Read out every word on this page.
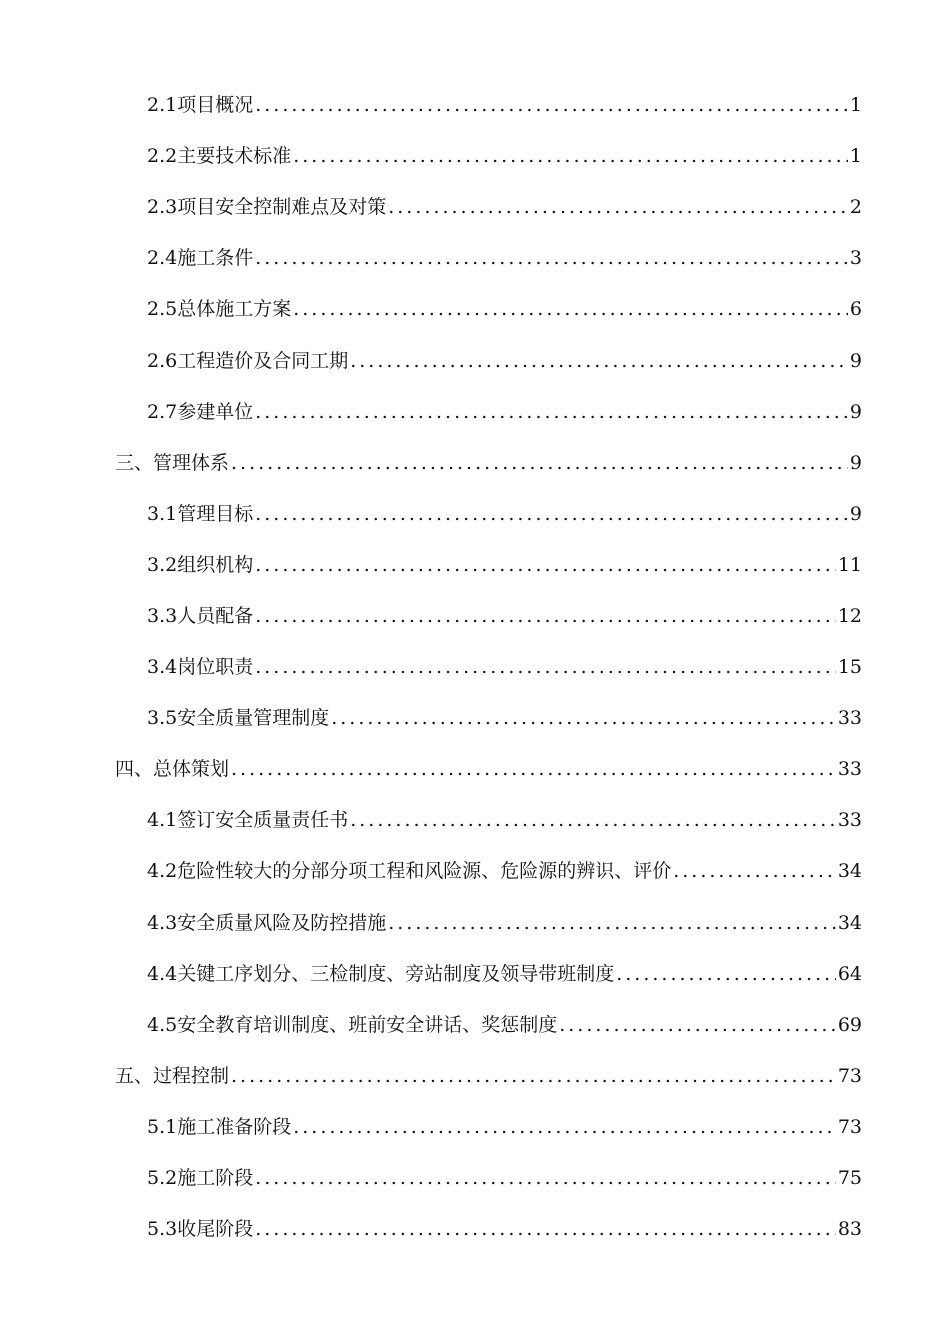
2.1项目概况 .....	1
2.2主要技术标准 .....	1
2.3项目安全控制难点及对策 .....	2
2.4施工条件 .....	3
2.5总体施工方案 .....	6
2.6工程造价及合同工期 .....	9
2.7参建单位 .....	9
三、管理体系 .....	9
3.1管理目标 .....	9
3.2组织机构 .....	11
3.3人员配备 .....	12
3.4岗位职责 .....	15
3.5安全质量管理制度 .....	33
四、总体策划 .....	33
4.1签订安全质量责任书 .....	33
4.2危险性较大的分部分项工程和风险源、危险源的辨识、评价 .....	34
4.3安全质量风险及防控措施 .....	34
4.4关键工序划分、三检制度、旁站制度及领导带班制度 .....	64
4.5安全教育培训制度、班前安全讲话、奖惩制度 .....	69
五、过程控制 .....	73
5.1施工准备阶段 .....	73
5.2施工阶段 .....	75
5.3收尾阶段 .....	83
